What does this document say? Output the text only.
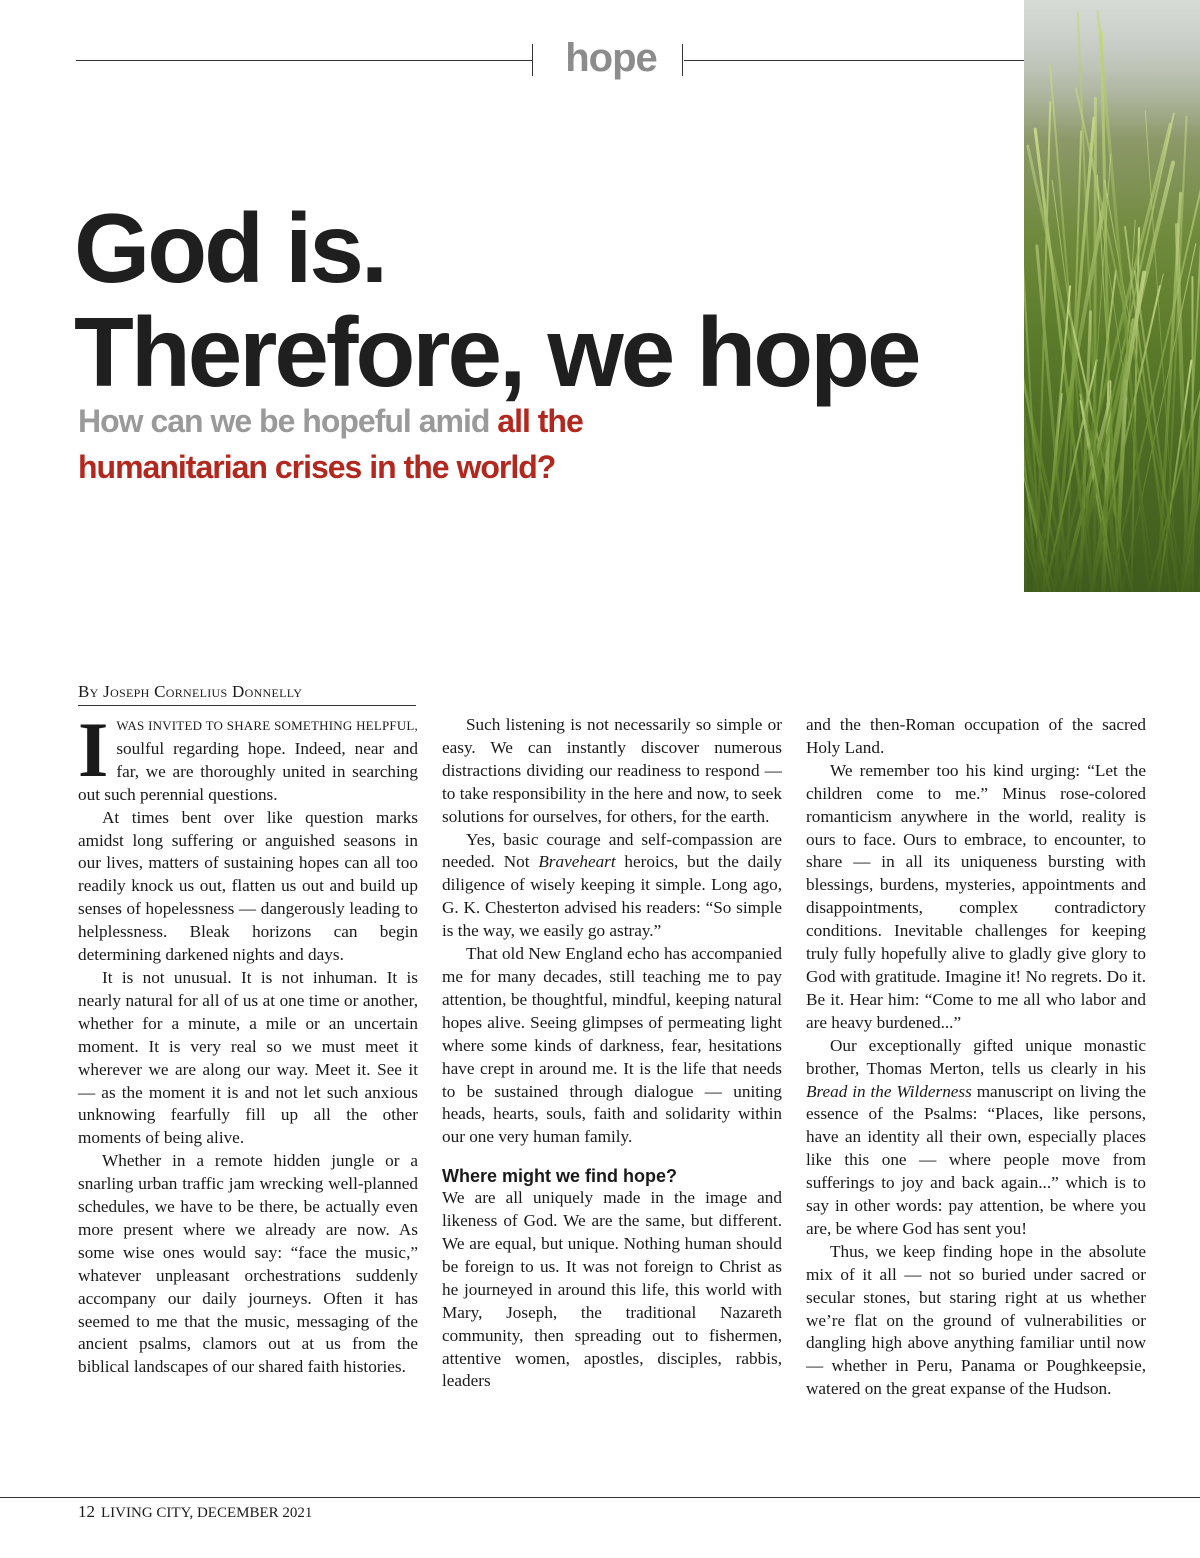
hope
God is.
Therefore, we hope
How can we be hopeful amid all the
humanitarian crises in the world?
By Joseph Cornelius Donnelly

IWAS INVITED TO SHARE SOMETHING HELPFUL, soulful regarding hope. Indeed, near and far, we are thoroughly united in searching out such perennial questions.

At times bent over like question marks amidst long suffering or anguished seasons in our lives, matters of sustaining hopes can all too readily knock us out, flatten us out and build up senses of hopelessness — dangerously leading to helplessness. Bleak horizons can begin determining darkened nights and days.

It is not unusual. It is not inhuman. It is nearly natural for all of us at one time or another, whether for a minute, a mile or an uncertain moment. It is very real so we must meet it wherever we are along our way. Meet it. See it — as the moment it is and not let such anxious unknowing fearfully fill up all the other moments of being alive.

Whether in a remote hidden jungle or a snarling urban traffic jam wrecking well-planned schedules, we have to be there, be actually even more present where we already are now. As some wise ones would say: “face the music,” whatever unpleasant orchestrations suddenly accompany our daily journeys. Often it has seemed to me that the music, messaging of the ancient psalms, clamors out at us from the biblical landscapes of our shared faith histories.

Such listening is not necessarily so simple or easy. We can instantly discover numerous distractions dividing our readiness to respond — to take responsibility in the here and now, to seek solutions for ourselves, for others, for the earth.

Yes, basic courage and self-compassion are needed. Not Braveheart heroics, but the daily diligence of wisely keeping it simple. Long ago, G. K. Chesterton advised his readers: “So simple is the way, we easily go astray.”

That old New England echo has accompanied me for many decades, still teaching me to pay attention, be thoughtful, mindful, keeping natural hopes alive. Seeing glimpses of permeating light where some kinds of darkness, fear, hesitations have crept in around me. It is the life that needs to be sustained through dialogue — uniting heads, hearts, souls, faith and solidarity within our one very human family.

Where might we find hope?

We are all uniquely made in the image and likeness of God. We are the same, but different. We are equal, but unique. Nothing human should be foreign to us. It was not foreign to Christ as he journeyed in around this life, this world with Mary, Joseph, the traditional Nazareth community, then spreading out to fishermen, attentive women, apostles, disciples, rabbis, leaders

and the then-Roman occupation of the sacred Holy Land.

We remember too his kind urging: “Let the children come to me.” Minus rose-colored romanticism anywhere in the world, reality is ours to face. Ours to embrace, to encounter, to share — in all its uniqueness bursting with blessings, burdens, mysteries, appointments and disappointments, complex contradictory conditions. Inevitable challenges for keeping truly fully hopefully alive to gladly give glory to God with gratitude. Imagine it! No regrets. Do it. Be it. Hear him: “Come to me all who labor and are heavy burdened...”

Our exceptionally gifted unique monastic brother, Thomas Merton, tells us clearly in his Bread in the Wilderness manuscript on living the essence of the Psalms: “Places, like persons, have an identity all their own, especially places like this one — where people move from sufferings to joy and back again...” which is to say in other words: pay attention, be where you are, be where God has sent you!

Thus, we keep finding hope in the absolute mix of it all — not so buried under sacred or secular stones, but staring right at us whether we’re flat on the ground of vulnerabilities or dangling high above anything familiar until now — whether in Peru, Panama or Poughkeepsie, watered on the great expanse of the Hudson.

12 LIVING CITY, DECEMBER 2021
